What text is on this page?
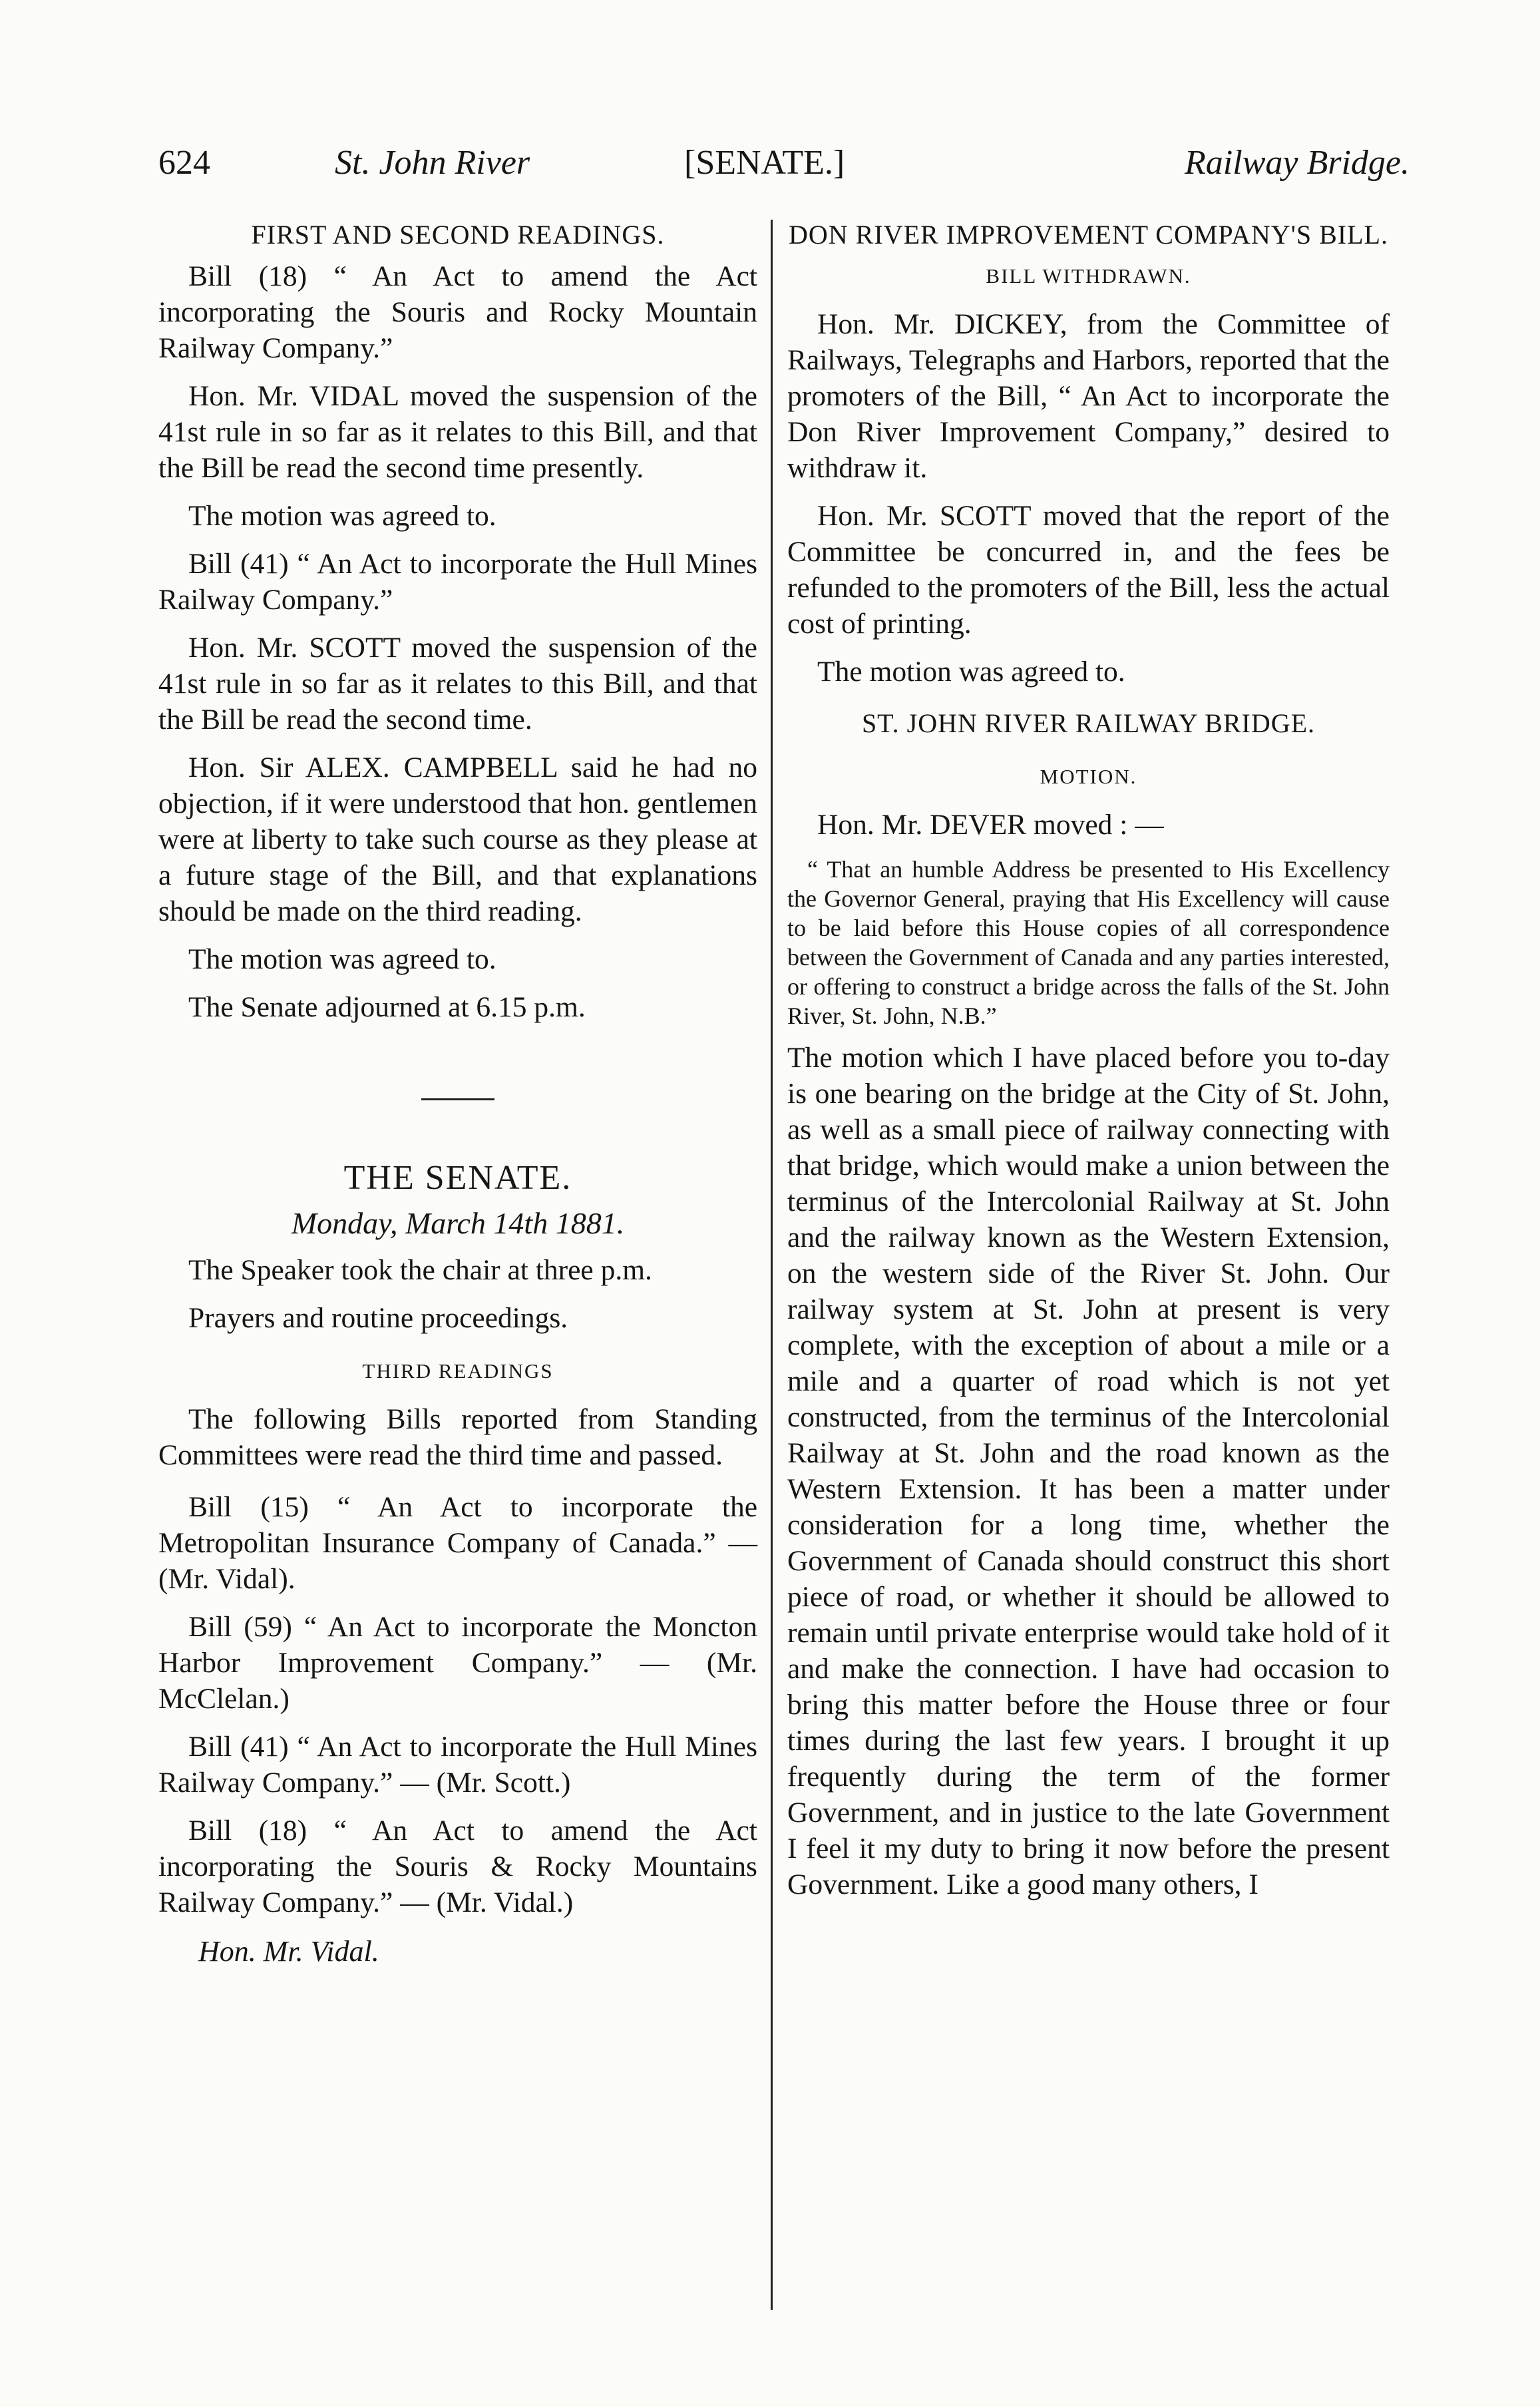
624	St. John River	[SENATE.]	Railway Bridge.
FIRST AND SECOND READINGS.

Bill (18) “ An Act to amend the Act incorporating the Souris and Rocky Mountain Railway Company.”

Hon. Mr. VIDAL moved the suspension of the 41st rule in so far as it relates to this Bill, and that the Bill be read the second time presently.

The motion was agreed to.

Bill (41) “ An Act to incorporate the Hull Mines Railway Company.”

Hon. Mr. SCOTT moved the suspension of the 41st rule in so far as it relates to this Bill, and that the Bill be read the second time.

Hon. Sir ALEX. CAMPBELL said he had no objection, if it were understood that hon. gentlemen were at liberty to take such course as they please at a future stage of the Bill, and that explanations should be made on the third reading.

The motion was agreed to.

The Senate adjourned at 6.15 p.m.

THE SENATE.
Monday, March 14th 1881.

The Speaker took the chair at three p.m.

Prayers and routine proceedings.

THIRD READINGS

The following Bills reported from Standing Committees were read the third time and passed.

Bill (15) “ An Act to incorporate the Metropolitan Insurance Company of Canada.” — (Mr. Vidal).

Bill (59) “ An Act to incorporate the Moncton Harbor Improvement Company.” — (Mr. McClelan.)

Bill (41) “ An Act to incorporate the Hull Mines Railway Company.” — (Mr. Scott.)

Bill (18) “ An Act to amend the Act incorporating the Souris & Rocky Mountains Railway Company.” — (Mr. Vidal.)

Hon. Mr. Vidal.
DON RIVER IMPROVEMENT COMPANY'S BILL.
BILL WITHDRAWN.

Hon. Mr. DICKEY, from the Committee of Railways, Telegraphs and Harbors, reported that the promoters of the Bill, “ An Act to incorporate the Don River Improvement Company,” desired to withdraw it.

Hon. Mr. SCOTT moved that the report of the Committee be concurred in, and the fees be refunded to the promoters of the Bill, less the actual cost of printing.

The motion was agreed to.

ST. JOHN RIVER RAILWAY BRIDGE.
MOTION.

Hon. Mr. DEVER moved : —

“ That an humble Address be presented to His Excellency the Governor General, praying that His Excellency will cause to be laid before this House copies of all correspondence between the Government of Canada and any parties interested, or offering to construct a bridge across the falls of the St. John River, St. John, N.B.”

The motion which I have placed before you to-day is one bearing on the bridge at the City of St. John, as well as a small piece of railway connecting with that bridge, which would make a union between the terminus of the Intercolonial Railway at St. John and the railway known as the Western Extension, on the western side of the River St. John. Our railway system at St. John at present is very complete, with the exception of about a mile or a mile and a quarter of road which is not yet constructed, from the terminus of the Intercolonial Railway at St. John and the road known as the Western Extension. It has been a matter under consideration for a long time, whether the Government of Canada should construct this short piece of road, or whether it should be allowed to remain until private enterprise would take hold of it and make the connection. I have had occasion to bring this matter before the House three or four times during the last few years. I brought it up frequently during the term of the former Government, and in justice to the late Government I feel it my duty to bring it now before the present Government. Like a good many others, I
